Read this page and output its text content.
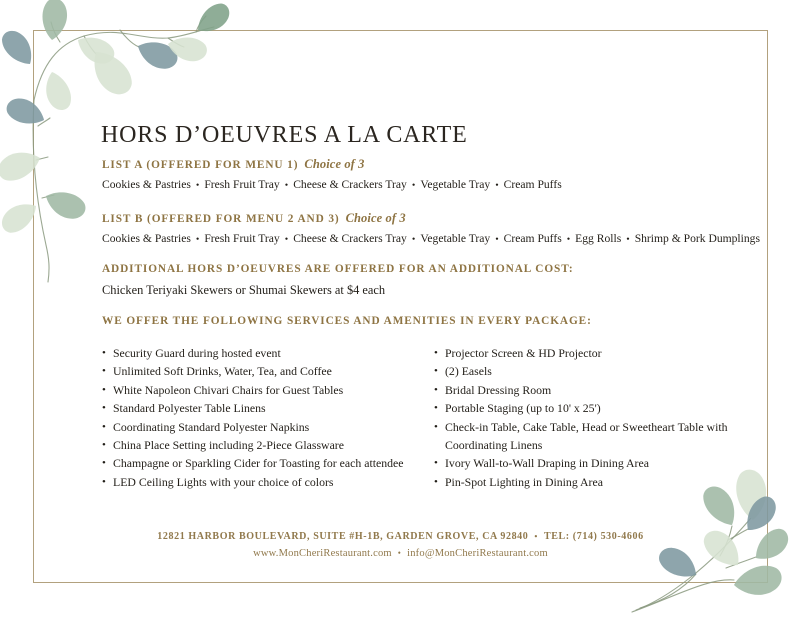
HORS D’OEUVRES A LA CARTE
LIST A (OFFERED FOR MENU 1) Choice of 3
Cookies & Pastries • Fresh Fruit Tray • Cheese & Crackers Tray • Vegetable Tray • Cream Puffs
LIST B (OFFERED FOR MENU 2 AND 3) Choice of 3
Cookies & Pastries • Fresh Fruit Tray • Cheese & Crackers Tray • Vegetable Tray • Cream Puffs • Egg Rolls • Shrimp & Pork Dumplings
ADDITIONAL HORS D’OEUVRES ARE OFFERED FOR AN ADDITIONAL COST:
Chicken Teriyaki Skewers or Shumai Skewers at $4 each
WE OFFER THE FOLLOWING SERVICES AND AMENITIES IN EVERY PACKAGE:
• Security Guard during hosted event
• Unlimited Soft Drinks, Water, Tea, and Coffee
• White Napoleon Chivari Chairs for Guest Tables
• Standard Polyester Table Linens
• Coordinating Standard Polyester Napkins
• China Place Setting including 2-Piece Glassware
• Champagne or Sparkling Cider for Toasting for each attendee
• LED Ceiling Lights with your choice of colors
• Projector Screen & HD Projector
• (2) Easels
• Bridal Dressing Room
• Portable Staging (up to 10' x 25')
• Check-in Table, Cake Table, Head or Sweetheart Table with Coordinating Linens
• Ivory Wall-to-Wall Draping in Dining Area
• Pin-Spot Lighting in Dining Area
12821 HARBOR BOULEVARD, SUITE #H-1B, GARDEN GROVE, CA 92840 • TEL: (714) 530-4606
www.MonCheriRestaurant.com • info@MonCheriRestaurant.com
